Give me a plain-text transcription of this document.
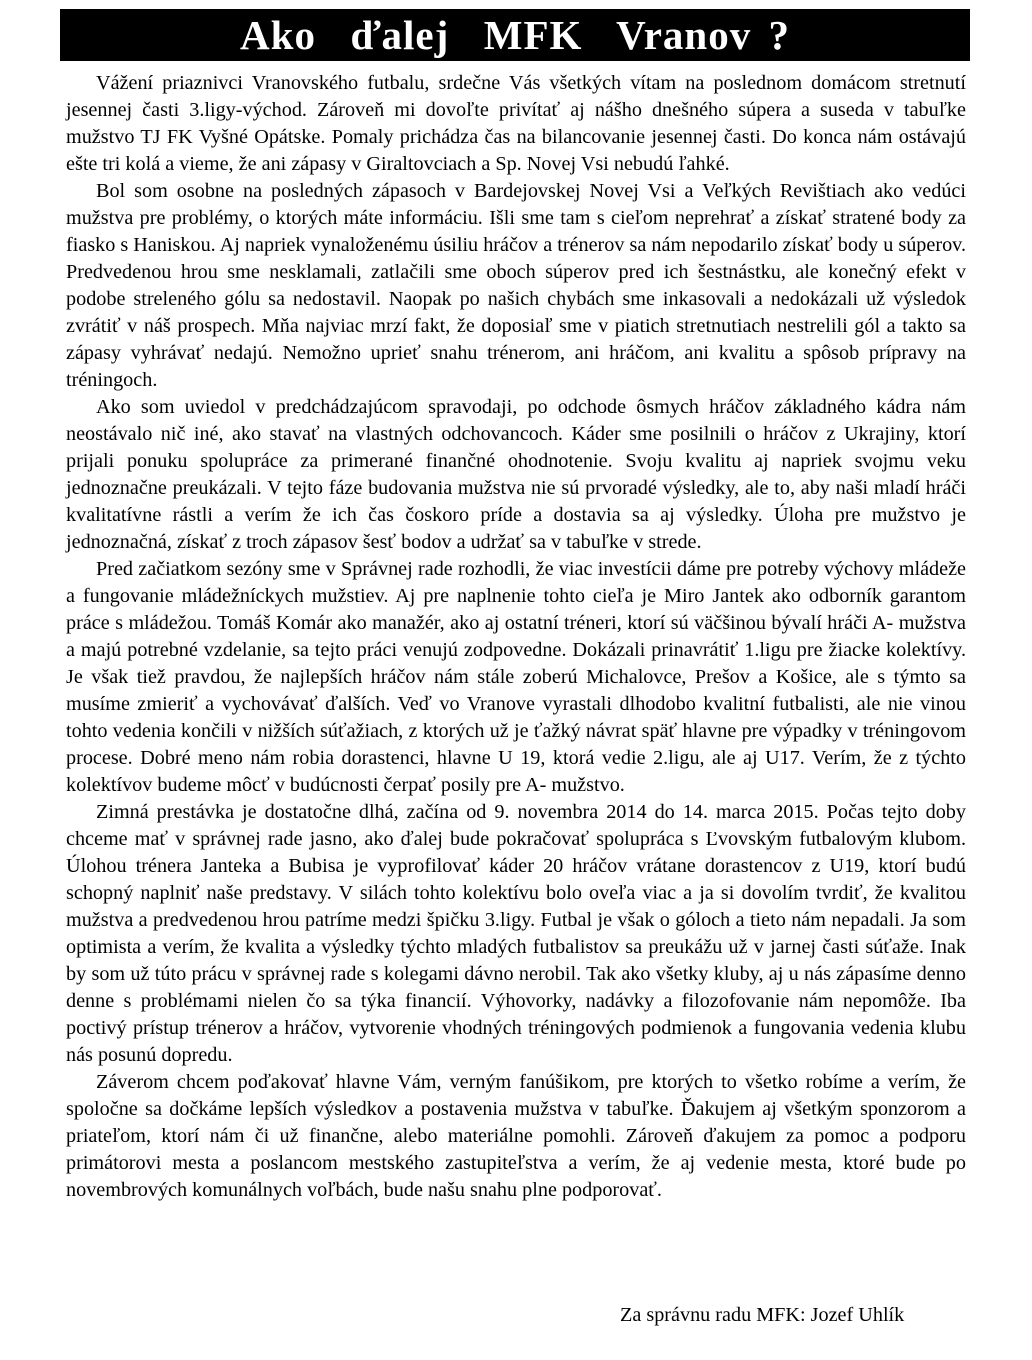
Ako  ďalej  MFK  Vranov ?

Vážení priaznivci Vranovského futbalu, srdečne Vás všetkých vítam na poslednom domácom stretnutí jesennej časti 3.ligy-východ. Zároveň mi dovoľte privítať aj nášho dnešného súpera a suseda v tabuľke mužstvo TJ FK Vyšné Opátske. Pomaly prichádza čas na bilancovanie jesennej časti. Do konca nám ostávajú ešte tri kolá a vieme, že ani zápasy v Giraltovciach a Sp. Novej Vsi nebudú ľahké.

Bol som osobne na posledných zápasoch v Bardejovskej Novej Vsi a Veľkých Revištiach ako vedúci mužstva pre problémy, o ktorých máte informáciu. Išli sme tam s cieľom neprehrať a získať stratené body za fiasko s Haniskou. Aj napriek vynaloženému úsiliu hráčov a trénerov sa nám nepodarilo získať body u súperov. Predvedenou hrou sme nesklamali, zatlačili sme oboch súperov pred ich šestnástku, ale konečný efekt v podobe streleného gólu sa nedostavil. Naopak po našich chybách sme inkasovali a nedokázali už výsledok zvrátiť v náš prospech. Mňa najviac mrzí fakt, že doposiaľ sme v piatich stretnutiach nestrelili gól a takto sa zápasy vyhrávať nedajú. Nemožno uprieť snahu trénerom, ani hráčom, ani kvalitu a spôsob prípravy na tréningoch.

Ako som uviedol v predchádzajúcom spravodaji, po odchode ôsmych hráčov základného kádra nám neostávalo nič iné, ako stavať na vlastných odchovancoch. Káder sme posilnili o hráčov z Ukrajiny, ktorí prijali ponuku spolupráce za primerané finančné ohodnotenie. Svoju kvalitu aj napriek svojmu veku jednoznačne preukázali. V tejto fáze budovania mužstva nie sú prvoradé výsledky, ale to, aby naši mladí hráči kvalitatívne rástli a verím že ich čas čoskoro príde a dostavia sa aj výsledky. Úloha pre mužstvo je jednoznačná, získať z troch zápasov šesť bodov a udržať sa v tabuľke v strede.

Pred začiatkom sezóny sme v Správnej rade rozhodli, že viac investícii dáme pre potreby výchovy mládeže a fungovanie mládežníckych mužstiev. Aj pre naplnenie tohto cieľa je Miro Jantek ako odborník garantom práce s mládežou. Tomáš Komár ako manažér, ako aj ostatní tréneri, ktorí sú väčšinou bývalí hráči A- mužstva a majú potrebné vzdelanie, sa tejto práci venujú zodpovedne. Dokázali prinavrátiť 1.ligu pre žiacke kolektívy. Je však tiež pravdou, že najlepších hráčov nám stále zoberú Michalovce, Prešov a Košice, ale s týmto sa musíme zmieriť a vychovávať ďalších. Veď vo Vranove vyrastali dlhodobo kvalitní futbalisti, ale nie vinou tohto vedenia končili v nižších súťažiach, z ktorých už je ťažký návrat späť hlavne pre výpadky v tréningovom procese. Dobré meno nám robia dorastenci, hlavne U 19, ktorá vedie 2.ligu, ale aj U17. Verím, že z týchto kolektívov budeme môcť v budúcnosti čerpať posily pre A- mužstvo.

Zimná prestávka je dostatočne dlhá, začína od 9. novembra 2014 do 14. marca 2015. Počas tejto doby chceme mať v správnej rade jasno, ako ďalej bude pokračovať spolupráca s Ľvovským futbalovým klubom. Úlohou trénera Janteka a Bubisa je vyprofilovať káder 20 hráčov vrátane dorastencov z U19, ktorí budú schopný naplniť naše predstavy. V silách tohto kolektívu bolo oveľa viac a ja si dovolím tvrdiť, že kvalitou mužstva a predvedenou hrou patríme medzi špičku 3.ligy. Futbal je však o góloch a tieto nám nepadali. Ja som optimista a verím, že kvalita a výsledky týchto mladých futbalistov sa preukážu už v jarnej časti súťaže. Inak by som už túto prácu v správnej rade s kolegami dávno nerobil. Tak ako všetky kluby, aj u nás zápasíme denno denne s problémami nielen čo sa týka financií. Výhovorky, nadávky a filozofovanie nám nepomôže. Iba poctivý prístup trénerov a hráčov, vytvorenie vhodných tréningových podmienok a fungovania vedenia klubu nás posunú dopredu.

Záverom chcem poďakovať hlavne Vám, verným fanúšikom, pre ktorých to všetko robíme a verím, že spoločne sa dočkáme lepších výsledkov a postavenia mužstva v tabuľke. Ďakujem aj všetkým sponzorom a priateľom, ktorí nám či už finančne, alebo materiálne pomohli. Zároveň ďakujem za pomoc a podporu primátorovi mesta a poslancom mestského zastupiteľstva a verím, že aj vedenie mesta, ktoré bude po novembrových komunálnych voľbách, bude našu snahu plne podporovať.

Za správnu radu MFK: Jozef Uhlík
